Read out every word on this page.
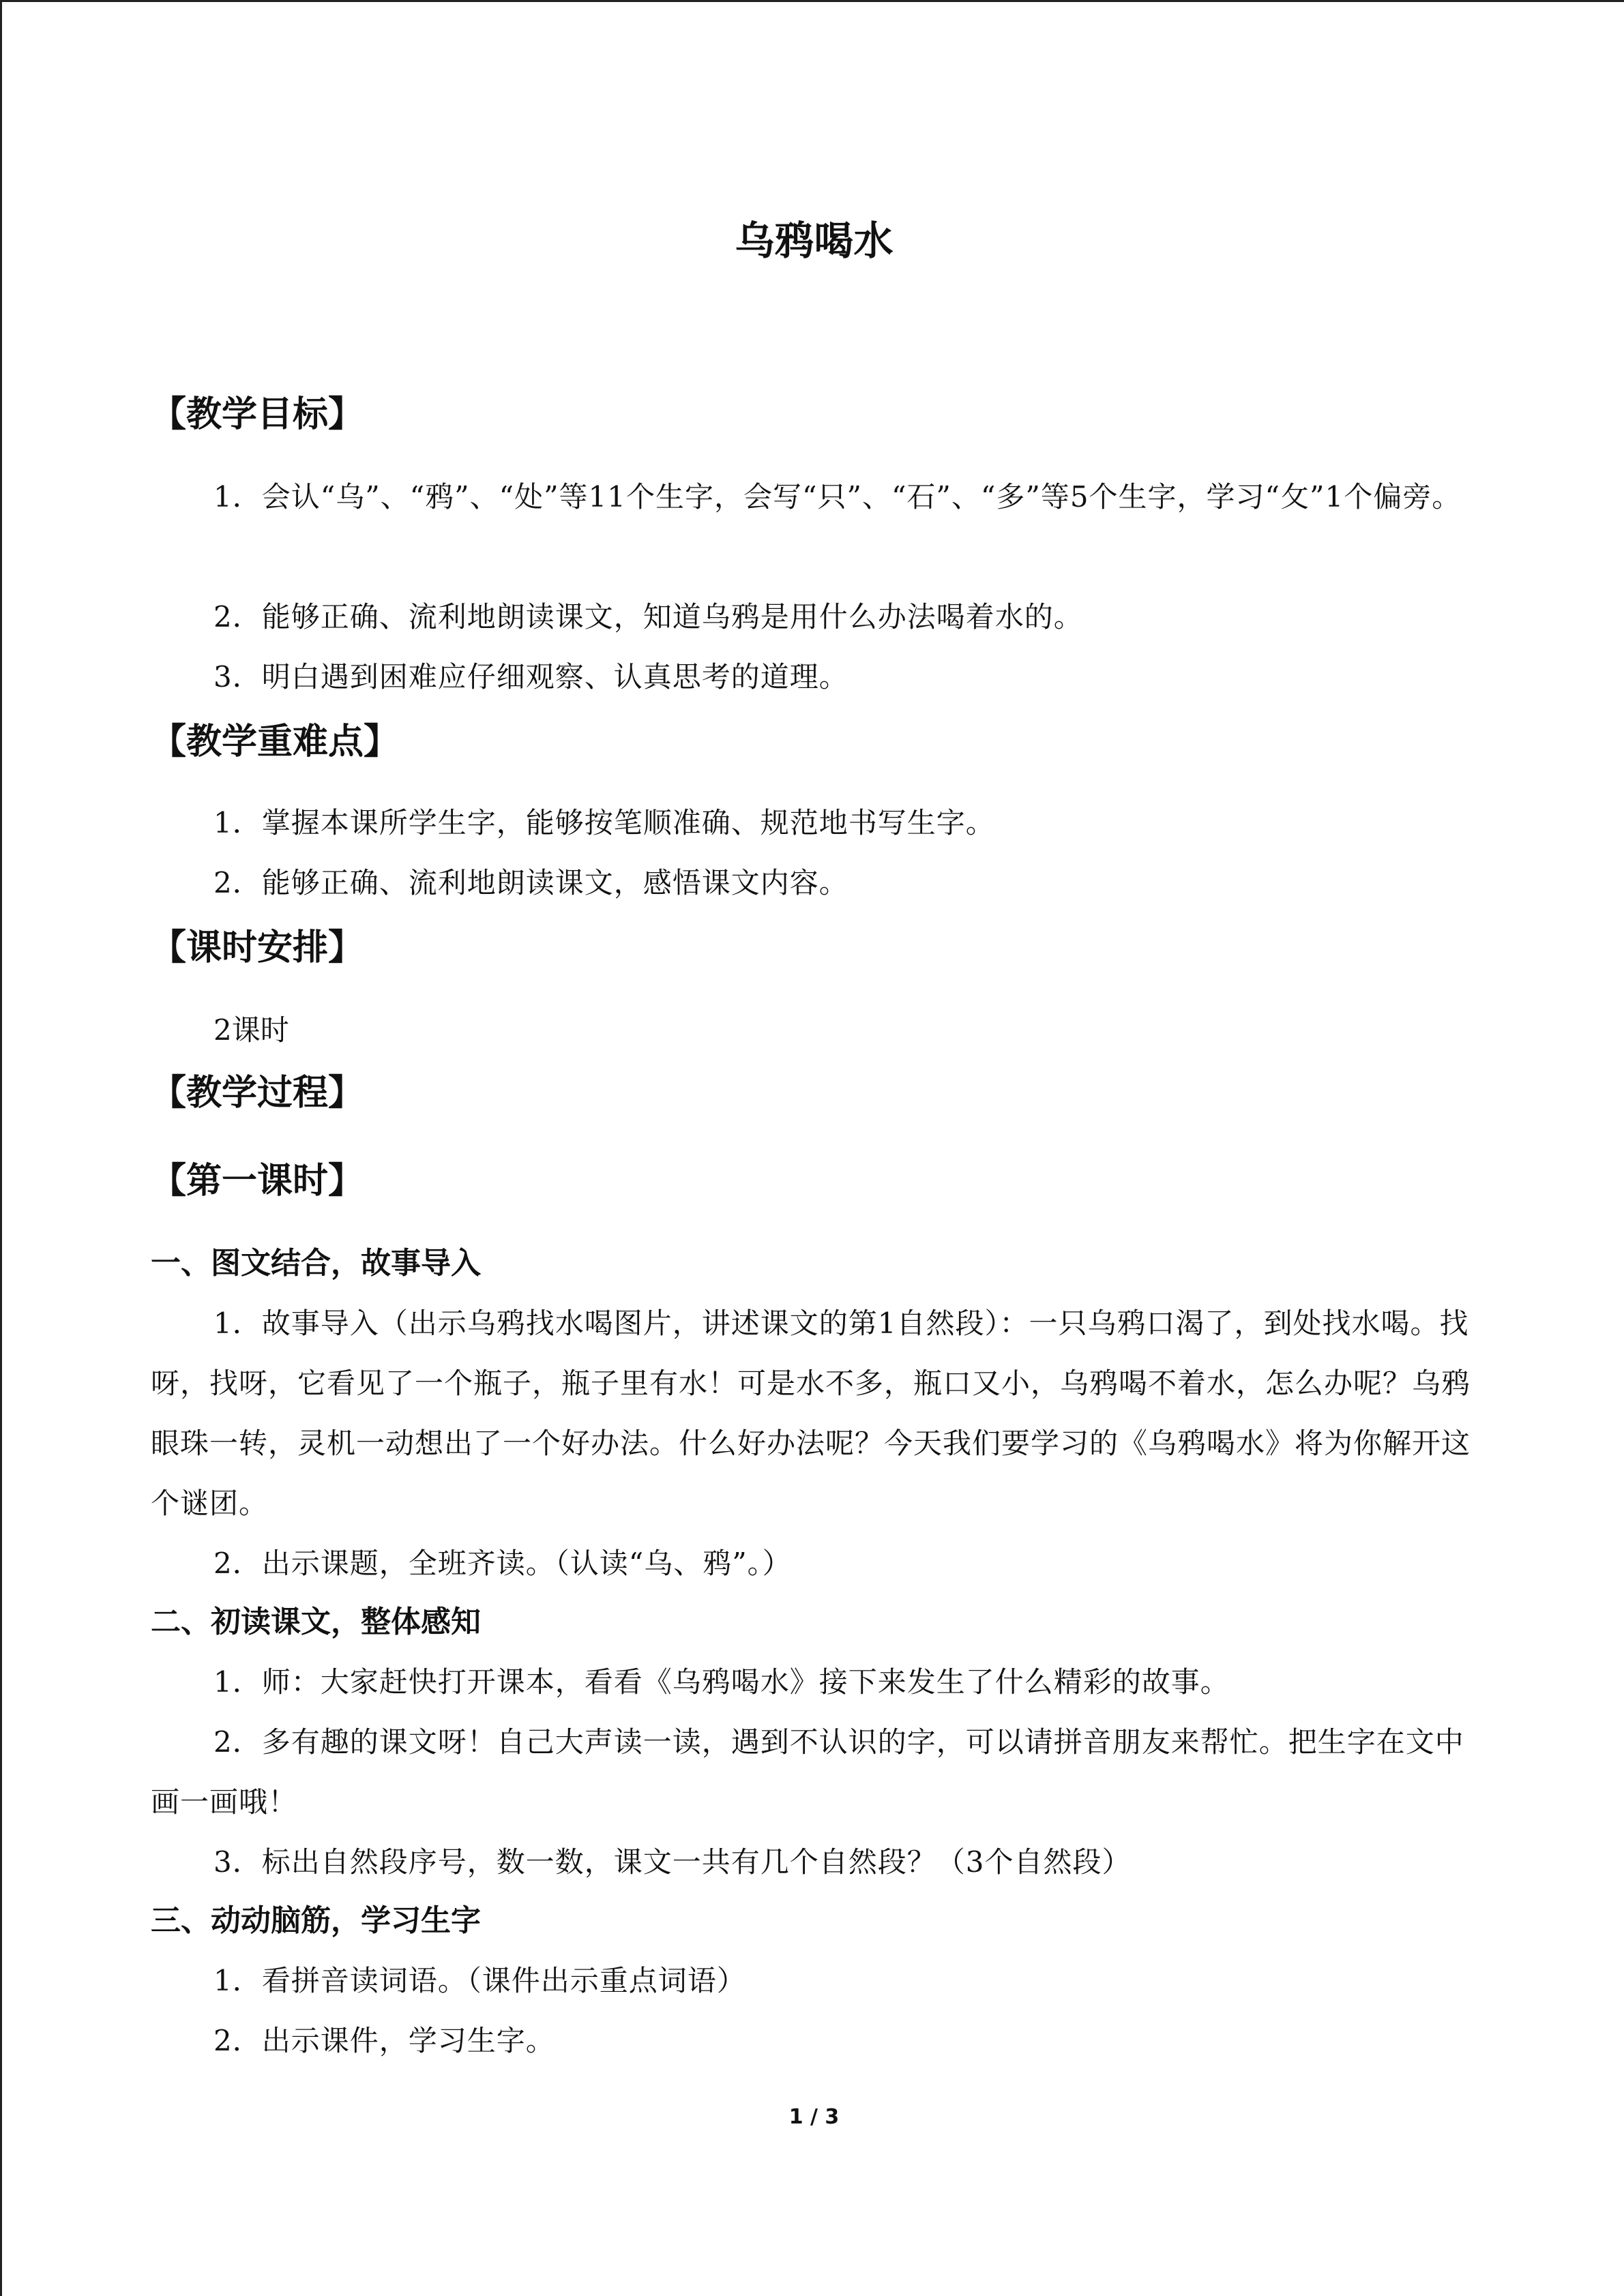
乌鸦喝水
【教学目标】
1．会认“乌”、“鸦”、“处”等11个生字，会写“只”、“石”、“多”等5个生字，学习“攵”1个偏旁。
2．能够正确、流利地朗读课文，知道乌鸦是用什么办法喝着水的。
3．明白遇到困难应仔细观察、认真思考的道理。
【教学重难点】
1．掌握本课所学生字，能够按笔顺准确、规范地书写生字。
2．能够正确、流利地朗读课文，感悟课文内容。
【课时安排】
2课时
【教学过程】
【第一课时】
一、图文结合，故事导入
1．故事导入（出示乌鸦找水喝图片，讲述课文的第1自然段）：一只乌鸦口渴了，到处找水喝。找呀，找呀，它看见了一个瓶子，瓶子里有水！可是水不多，瓶口又小，乌鸦喝不着水，怎么办呢？乌鸦眼珠一转，灵机一动想出了一个好办法。什么好办法呢？今天我们要学习的《乌鸦喝水》将为你解开这个谜团。
2．出示课题，全班齐读。（认读“乌、鸦”。）
二、初读课文，整体感知
1．师：大家赶快打开课本，看看《乌鸦喝水》接下来发生了什么精彩的故事。
2．多有趣的课文呀！自己大声读一读，遇到不认识的字，可以请拼音朋友来帮忙。把生字在文中画一画哦！
3．标出自然段序号，数一数，课文一共有几个自然段？（3个自然段）
三、动动脑筋，学习生字
1．看拼音读词语。（课件出示重点词语）
2．出示课件，学习生字。
1 / 3
